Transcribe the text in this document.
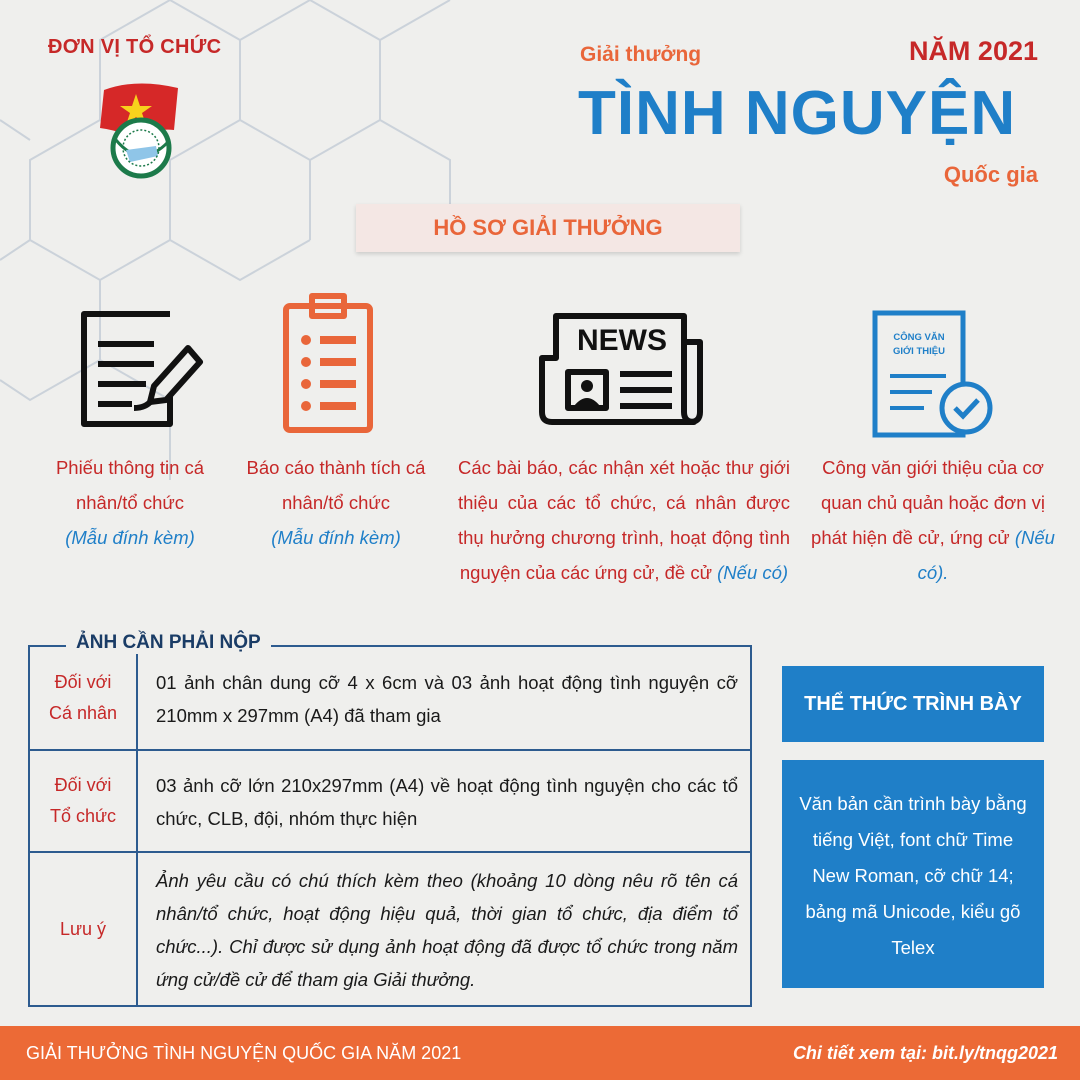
ĐƠN VỊ TỔ CHỨC	Giải thưởng	NĂM 2021
TÌNH NGUYỆN
Quốc gia
HỒ SƠ GIẢI THƯỞNG
NEWS	CÔNG VĂN
GIỚI THIỆU
Phiếu thông tin cá nhân/tổ chức
(Mẫu đính kèm)
Báo cáo thành tích cá nhân/tổ chức
(Mẫu đính kèm)
Các bài báo, các nhận xét hoặc thư giới thiệu của các tổ chức, cá nhân được thụ hưởng chương trình, hoạt động tình nguyện của các ứng cử, đề cử (Nếu có)
Công văn giới thiệu của cơ quan chủ quản hoặc đơn vị phát hiện đề cử, ứng cử (Nếu có).
Đối với
Cá nhân
01 ảnh chân dung cỡ 4 x 6cm và 03 ảnh hoạt động tình nguyện cỡ 210mm x 297mm (A4) đã tham gia
Đối với
Tổ chức
03 ảnh cỡ lớn 210x297mm (A4) về hoạt động tình nguyện cho các tổ chức, CLB, đội, nhóm thực hiện
Lưu ý
Ảnh yêu cầu có chú thích kèm theo (khoảng 10 dòng nêu rõ tên cá nhân/tổ chức, hoạt động hiệu quả, thời gian tổ chức, địa điểm tổ chức...). Chỉ được sử dụng ảnh hoạt động đã được tổ chức trong năm ứng cử/đề cử để tham gia Giải thưởng.
ẢNH CẦN PHẢI NỘP
THỂ THỨC TRÌNH BÀY
Văn bản cần trình bày bằng tiếng Việt, font chữ Time New Roman, cỡ chữ 14; bảng mã Unicode, kiểu gõ Telex
GIẢI THƯỞNG TÌNH NGUYỆN QUỐC GIA NĂM 2021	Chi tiết xem tại: bit.ly/tnqg2021
